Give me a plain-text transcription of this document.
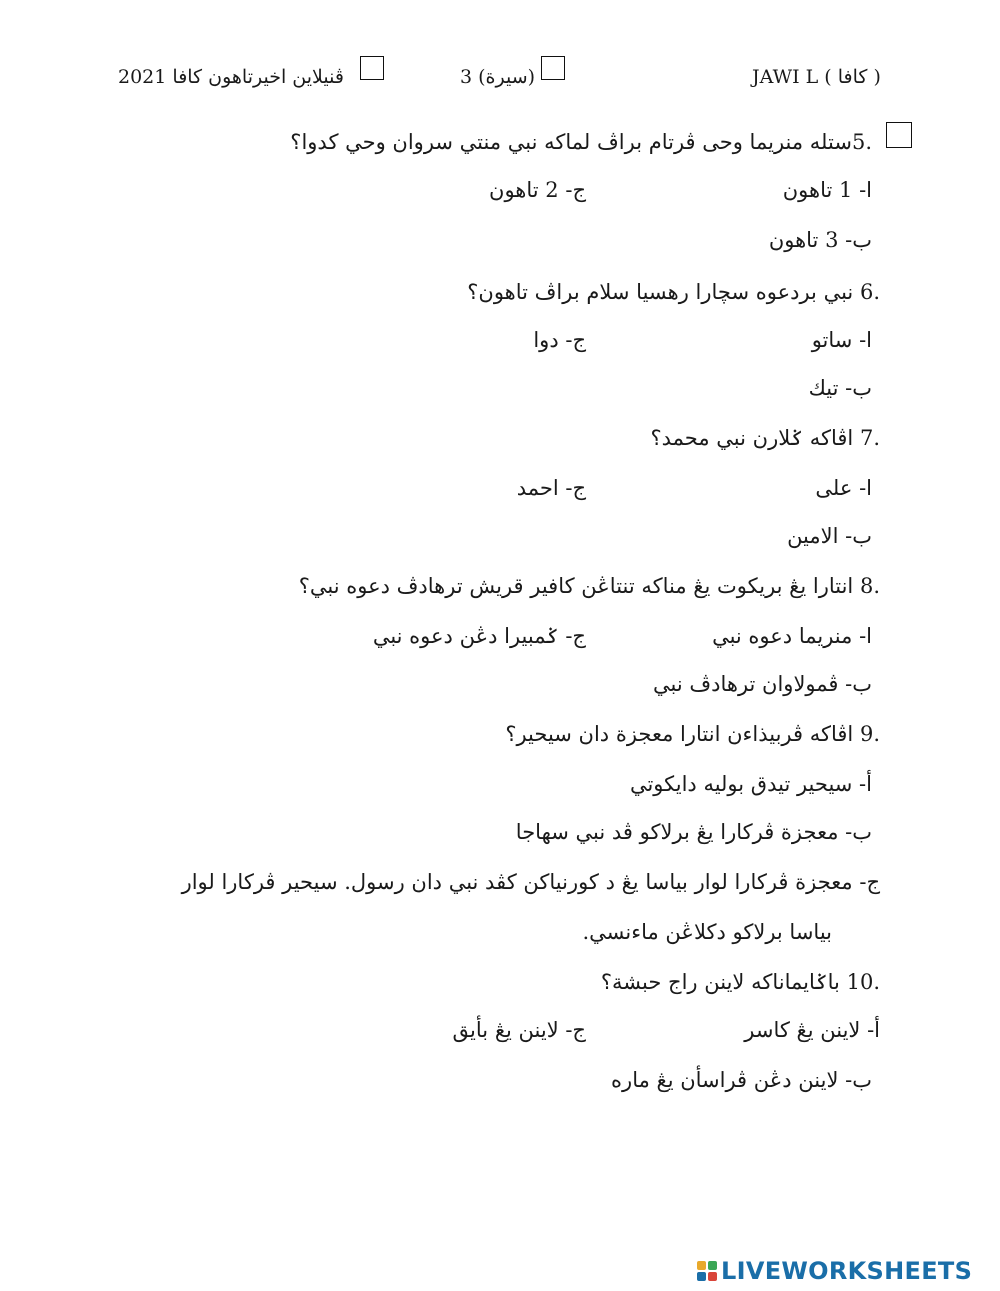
ڤنيلاين اخيرتاهون كافا 2021	(سيرة) 3	JAWI L ( كافا )
.5ستله منريما وحى ڤرتام براڤ لماكه نبي منتي سروان وحي كدوا؟
ا- 1 تاهون
ج- 2 تاهون
ب- 3 تاهون
.6 نبي بردعوه سچارا رهسيا سلام براڤ تاهون؟
ا- ساتو
ج- دوا
ب- تيك
.7 اڤاكه ݢلارن نبي محمد؟
ا- على
ج- احمد
ب- الامين
.8 انتارا يڠ بريكوت يڠ مناكه تنتاڠن كافير قريش ترهادڤ دعوه نبي؟
ا- منريما دعوه نبي
ج- ݢمبيرا دڠن دعوه نبي
ب- ڤمولاوان ترهادڤ نبي
.9 اڤاكه ڤربيذاءن انتارا معجزة دان سيحير؟
أ- سيحير تيدق بوليه دايكوتي
ب- معجزة ڤركارا يڠ برلاكو ڤد نبي سهاجا
ج- معجزة ڤركارا لوار بياسا يڠ د كورنياكن كڤد نبي دان رسول. سيحير ڤركارا لوار
بياسا برلاكو دكلاڠن ماءنسي.
.10 باݢايماناكه لاينن راج حبشة؟
أ- لاينن يڠ كاسر
ج- لاينن يڠ بأيق
ب- لاينن دڠن ڤراسأن يڠ ماره
LIVEWORKSHEETS
